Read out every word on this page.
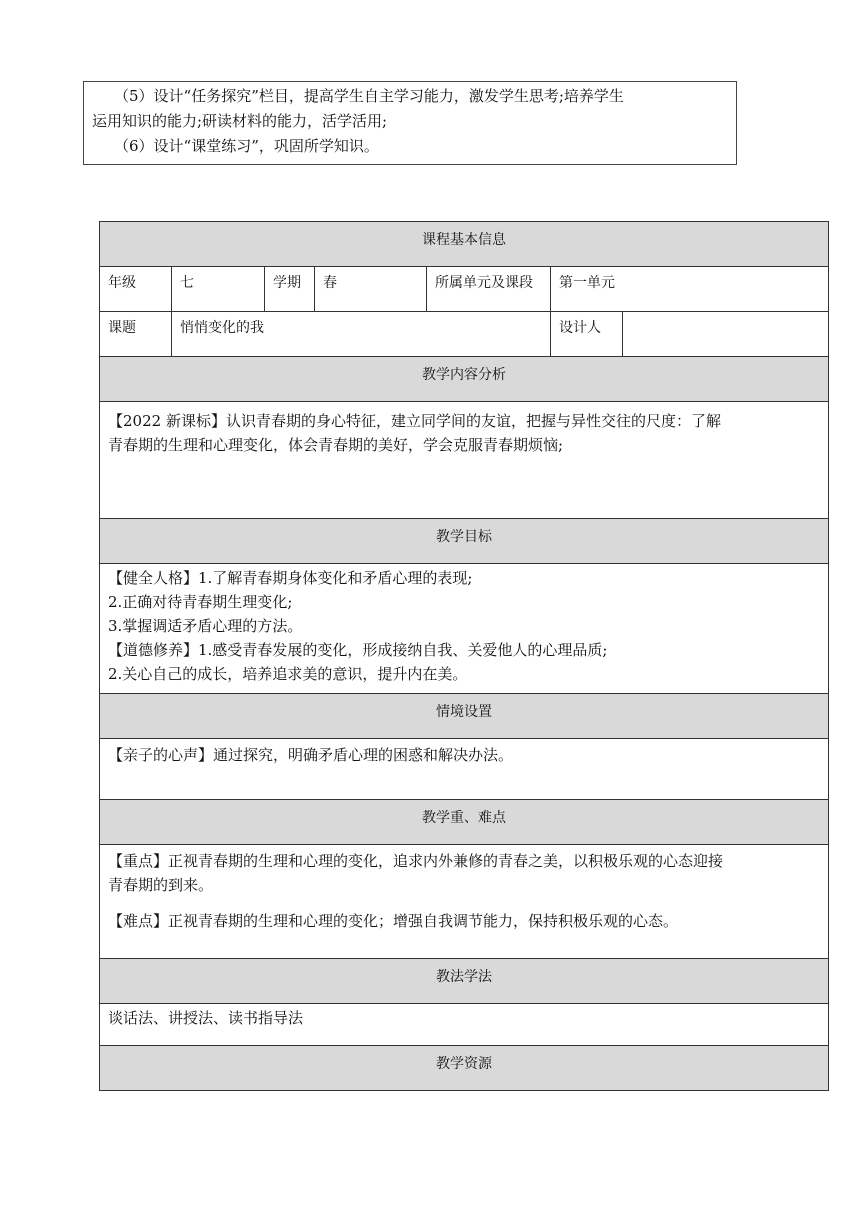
（5）设计“任务探究”栏目，提高学生自主学习能力，激发学生思考;培养学生

运用知识的能力;研读材料的能力，活学活用;

（6）设计“课堂练习”，巩固所学知识。

课程基本信息						

年级	七	学期	春	所属单元及课段	第一单元	

课题	悄悄变化的我				设计人	

教学内容分析						

【2022 新课标】认识青春期的身心特征，建立同学间的友谊，把握与异性交往的尺度：了解
青春期的生理和心理变化，体会青春期的美好，学会克服青春期烦恼;						

教学目标						

【健全人格】1.了解青春期身体变化和矛盾心理的表现;
2.正确对待青春期生理变化;
3.掌握调适矛盾心理的方法。
【道德修养】1.感受青春发展的变化，形成接纳自我、关爱他人的心理品质;
2.关心自己的成长，培养追求美的意识，提升内在美。						

情境设置						

【亲子的心声】通过探究，明确矛盾心理的困惑和解决办法。						

教学重、难点						

【重点】正视青春期的生理和心理的变化，追求内外兼修的青春之美，以积极乐观的心态迎接
青春期的到来。
【难点】正视青春期的生理和心理的变化；增强自我调节能力，保持积极乐观的心态。						

教法学法						

谈话法、讲授法、读书指导法						

教学资源						
